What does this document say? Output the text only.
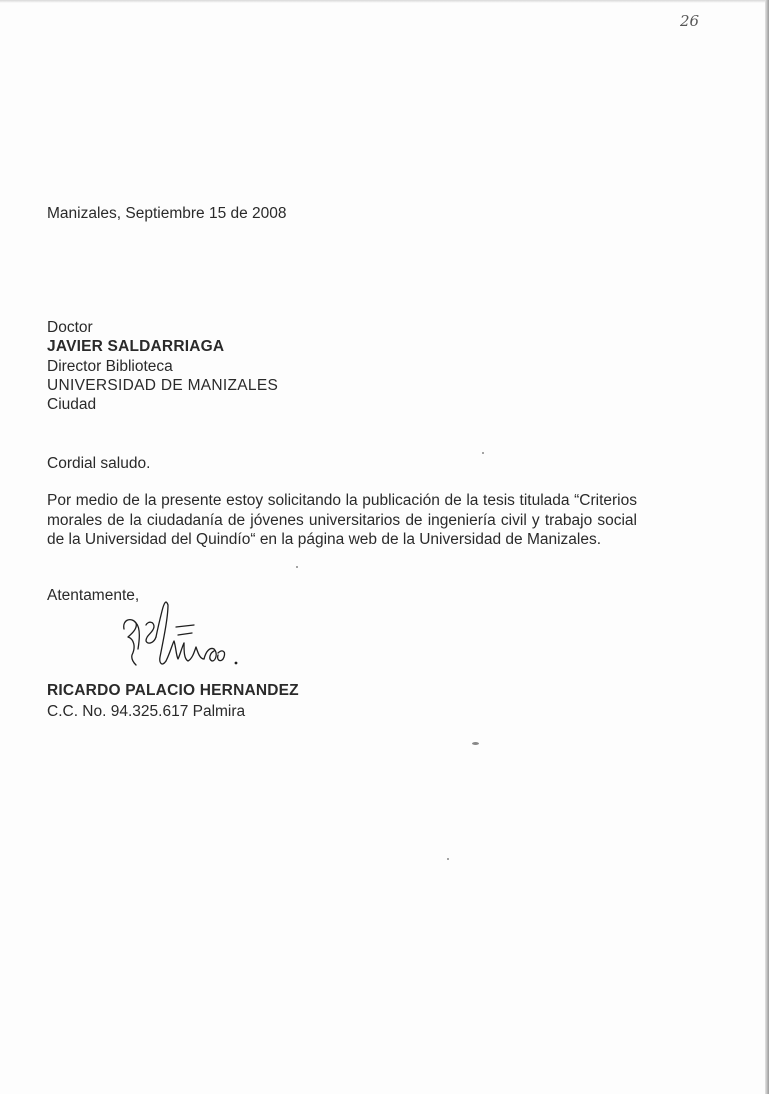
26
Manizales, Septiembre 15 de 2008
Doctor
JAVIER SALDARRIAGA
Director Biblioteca
UNIVERSIDAD DE MANIZALES
Ciudad
Cordial saludo.
Por medio de la presente estoy solicitando la publicación de la tesis titulada “Criterios morales de la ciudadanía de jóvenes universitarios de ingeniería civil y trabajo social de la Universidad del Quindío“ en la página web de la Universidad de Manizales.
Atentamente,
RICARDO PALACIO HERNANDEZ
C.C. No. 94.325.617 Palmira
